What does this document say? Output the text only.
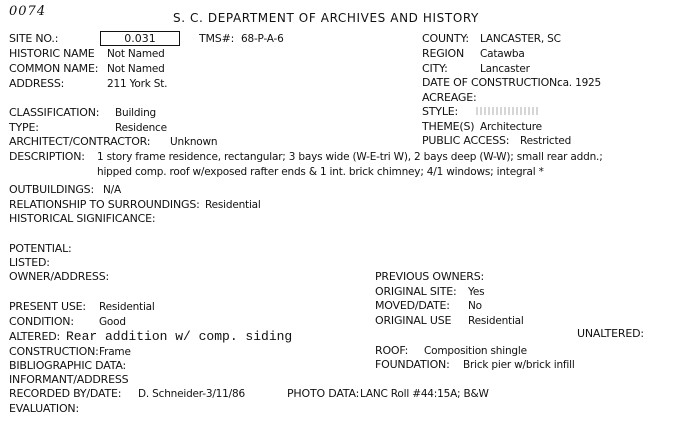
0074	S. C. DEPARTMENT OF ARCHIVES AND HISTORY
SITE NO.:	0.031	TMS#: 68-P-A-6
HISTORIC NAME Not Named
COMMON NAME: Not Named
ADDRESS:	211 York St.
CLASSIFICATION: Building
TYPE:	Residence
ARCHITECT/CONTRACTOR: Unknown
DESCRIPTION: 1 story frame residence, rectangular; 3 bays wide (W-E-tri W), 2 bays deep (W-W); small rear addn.;
hipped comp. roof w/exposed rafter ends & 1 int. brick chimney; 4/1 windows; integral *
OUTBUILDINGS: N/A
RELATIONSHIP TO SURROUNDINGS: Residential
HISTORICAL SIGNIFICANCE:
POTENTIAL:
LISTED:
OWNER/ADDRESS:
PRESENT USE: Residential
CONDITION: Good
ALTERED: Rear addition w/ comp. siding
CONSTRUCTION: Frame
BIBLIOGRAPHIC DATA:
INFORMANT/ADDRESS
RECORDED BY/DATE: D. Schneider-3/11/86	PHOTO DATA: LANC Roll #44:15A; B&W
EVALUATION:
COUNTY: LANCASTER, SC
REGION Catawba
CITY:	Lancaster
DATE OF CONSTRUCTION:
ca. 1925
ACREAGE:
STYLE:
THEME(S) Architecture
PUBLIC ACCESS: Restricted
PREVIOUS OWNERS:
ORIGINAL SITE: Yes
MOVED/DATE: No
ORIGINAL USE Residential
UNALTERED:
ROOF: Composition shingle
FOUNDATION: Brick pier w/brick infill
